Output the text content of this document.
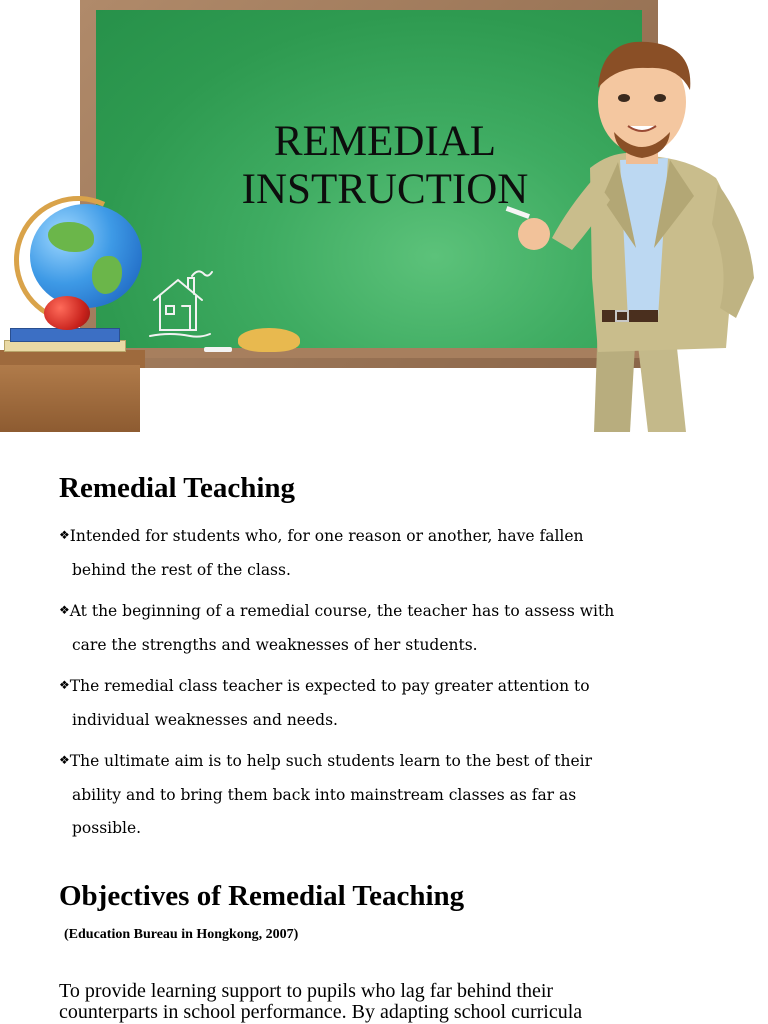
REMEDIAL
INSTRUCTION
Remedial Teaching
❖Intended for students who, for one reason or another, have fallen
behind the rest of the class.
❖At the beginning of a remedial course, the teacher has to assess with
care the strengths and weaknesses of her students.
❖The remedial class teacher is expected to pay greater attention to
individual weaknesses and needs.
❖The ultimate aim is to help such students learn to the best of their
ability and to bring them back into mainstream classes as far as
possible.
Objectives of Remedial Teaching
(Education Bureau in Hongkong, 2007)
To provide learning support to pupils who lag far behind their
counterparts in school performance. By adapting school curricula
